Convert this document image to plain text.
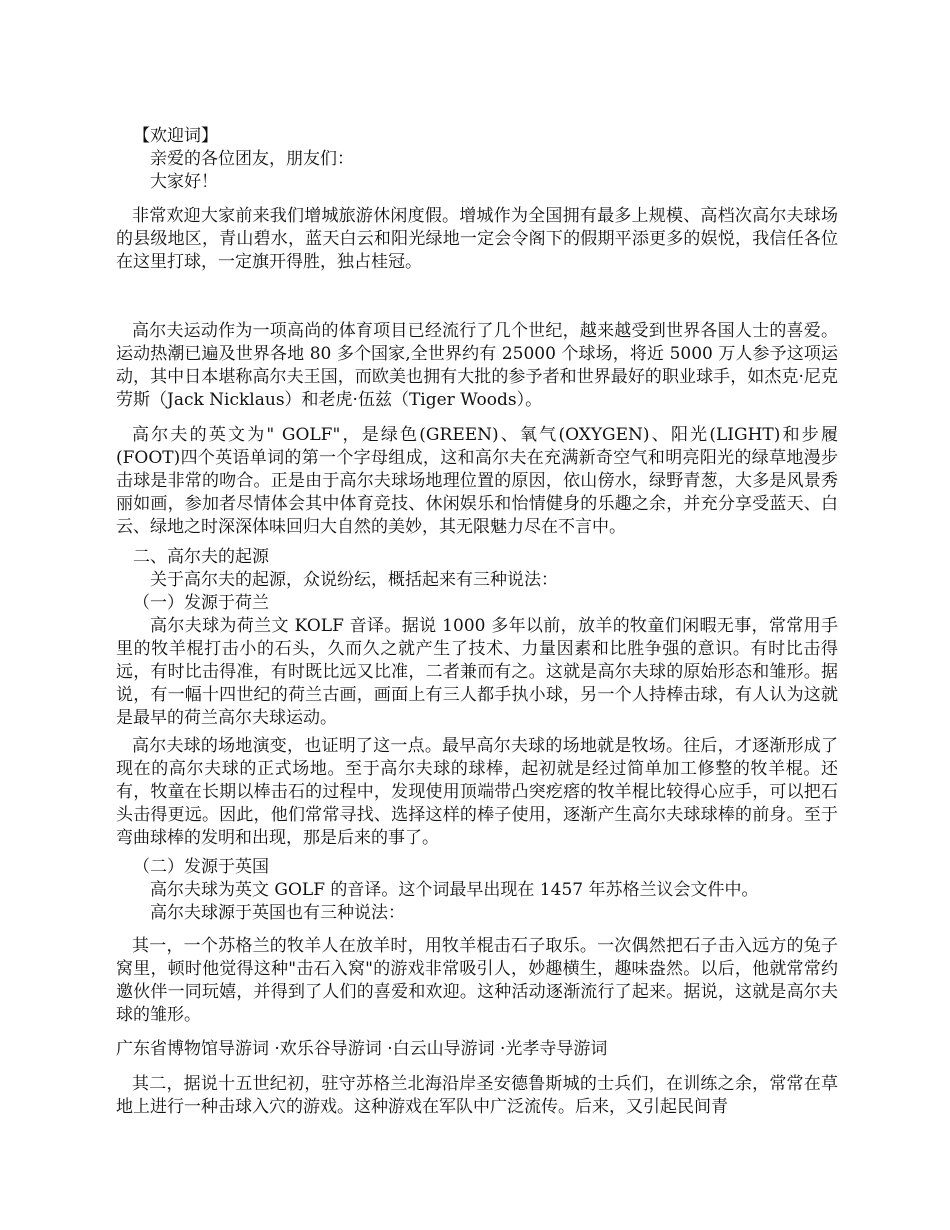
【欢迎词】
亲爱的各位团友，朋友们：
大家好！
非常欢迎大家前来我们增城旅游休闲度假。增城作为全国拥有最多上规模、高档次高尔夫球场的县级地区，青山碧水，蓝天白云和阳光绿地一定会令阁下的假期平添更多的娱悦，我信任各位在这里打球，一定旗开得胜，独占桂冠。
高尔夫运动作为一项高尚的体育项目已经流行了几个世纪，越来越受到世界各国人士的喜爱。运动热潮已遍及世界各地 80 多个国家,全世界约有 25000 个球场，将近 5000 万人参予这项运动，其中日本堪称高尔夫王国，而欧美也拥有大批的参予者和世界最好的职业球手，如杰克·尼克劳斯（Jack Nicklaus）和老虎·伍兹（Tiger Woods）。
高尔夫的英文为" GOLF"，是绿色(GREEN)、氧气(OXYGEN)、阳光(LIGHT)和步履(FOOT)四个英语单词的第一个字母组成，这和高尔夫在充满新奇空气和明亮阳光的绿草地漫步击球是非常的吻合。正是由于高尔夫球场地理位置的原因，依山傍水，绿野青葱，大多是风景秀丽如画，参加者尽情体会其中体育竞技、休闲娱乐和怡情健身的乐趣之余，并充分享受蓝天、白云、绿地之时深深体味回归大自然的美妙，其无限魅力尽在不言中。
二、高尔夫的起源
关于高尔夫的起源，众说纷纭，概括起来有三种说法：
（一）发源于荷兰
高尔夫球为荷兰文 KOLF 音译。据说 1000 多年以前，放羊的牧童们闲暇无事，常常用手里的牧羊棍打击小的石头，久而久之就产生了技术、力量因素和比胜争强的意识。有时比击得远，有时比击得准，有时既比远又比准，二者兼而有之。这就是高尔夫球的原始形态和雏形。据说，有一幅十四世纪的荷兰古画，画面上有三人都手执小球，另一个人持棒击球，有人认为这就是最早的荷兰高尔夫球运动。
高尔夫球的场地演变，也证明了这一点。最早高尔夫球的场地就是牧场。往后，才逐渐形成了现在的高尔夫球的正式场地。至于高尔夫球的球棒，起初就是经过简单加工修整的牧羊棍。还有，牧童在长期以棒击石的过程中，发现使用顶端带凸突疙瘩的牧羊棍比较得心应手，可以把石头击得更远。因此，他们常常寻找、选择这样的棒子使用，逐渐产生高尔夫球球棒的前身。至于弯曲球棒的发明和出现，那是后来的事了。
（二）发源于英国
高尔夫球为英文 GOLF 的音译。这个词最早出现在 1457 年苏格兰议会文件中。
高尔夫球源于英国也有三种说法：
其一，一个苏格兰的牧羊人在放羊时，用牧羊棍击石子取乐。一次偶然把石子击入远方的兔子窝里，顿时他觉得这种"击石入窝"的游戏非常吸引人，妙趣横生，趣味盎然。以后，他就常常约邀伙伴一同玩嬉，并得到了人们的喜爱和欢迎。这种活动逐渐流行了起来。据说，这就是高尔夫球的雏形。
广东省博物馆导游词 ·欢乐谷导游词 ·白云山导游词 ·光孝寺导游词
其二，据说十五世纪初，驻守苏格兰北海沿岸圣安德鲁斯城的士兵们，在训练之余，常常在草地上进行一种击球入穴的游戏。这种游戏在军队中广泛流传。后来，又引起民间青
